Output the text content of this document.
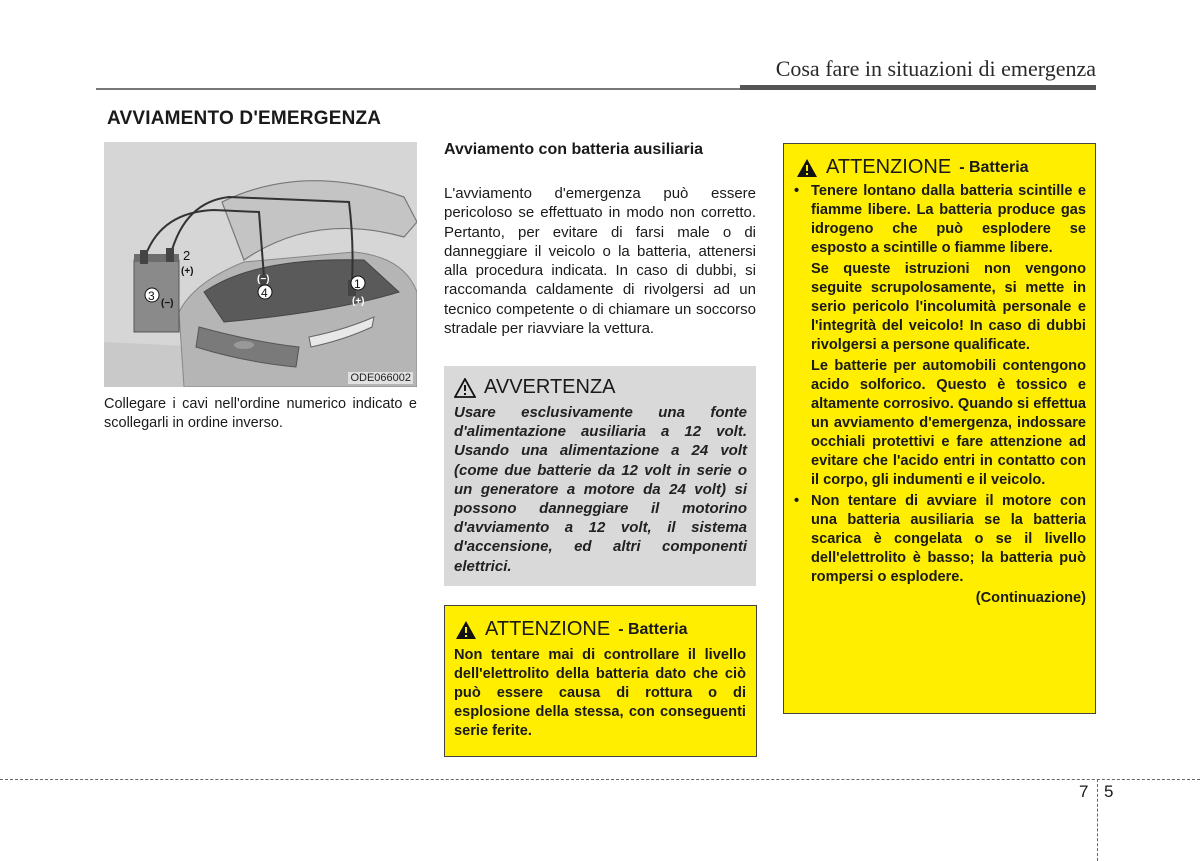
Cosa fare in situazioni di emergenza
AVVIAMENTO D'EMERGENZA
2
(+)
3
(−)
(−)
4
1
(+)
ODE066002
Collegare i cavi nell'ordine numerico indicato e scollegarli in ordine inverso.
Avviamento con batteria ausiliaria
L'avviamento d'emergenza può essere pericoloso se effettuato in modo non corretto. Pertanto, per evitare di farsi male o di danneggiare il veicolo o la batteria, attenersi alla procedura indicata. In caso di dubbi, si raccomanda caldamente di rivolgersi ad un tecnico competente o di chiamare un soccorso stradale per riavviare la vettura.
AVVERTENZA
Usare esclusivamente una fonte d'alimentazione ausiliaria a 12 volt. Usando una alimentazione a 24 volt (come due batterie da 12 volt in serie o un generatore a motore da 24 volt) si possono danneggiare il motorino d'avviamento a 12 volt, il sistema d'accensione, ed altri componenti elettrici.
ATTENZIONE - Batteria
Non tentare mai di controllare il livello dell'elettrolito della batteria dato che ciò può essere causa di rottura o di esplosione della stessa, con conseguenti serie ferite.
ATTENZIONE - Batteria
• Tenere lontano dalla batteria scintille e fiamme libere. La batteria produce gas idrogeno che può esplodere se esposto a scintille o fiamme libere.
Se queste istruzioni non vengono seguite scrupolosamente, si mette in serio pericolo l'incolumità personale e l'integrità del veicolo! In caso di dubbi rivolgersi a persone qualificate.
Le batterie per automobili contengono acido solforico. Questo è tossico e altamente corrosivo. Quando si effettua un avviamento d'emergenza, indossare occhiali protettivi e fare attenzione ad evitare che l'acido entri in contatto con il corpo, gli indumenti e il veicolo.
• Non tentare di avviare il motore con una batteria ausiliaria se la batteria scarica è congelata o se il livello dell'elettrolito è basso; la batteria può rompersi o esplodere.
(Continuazione)
7 5
